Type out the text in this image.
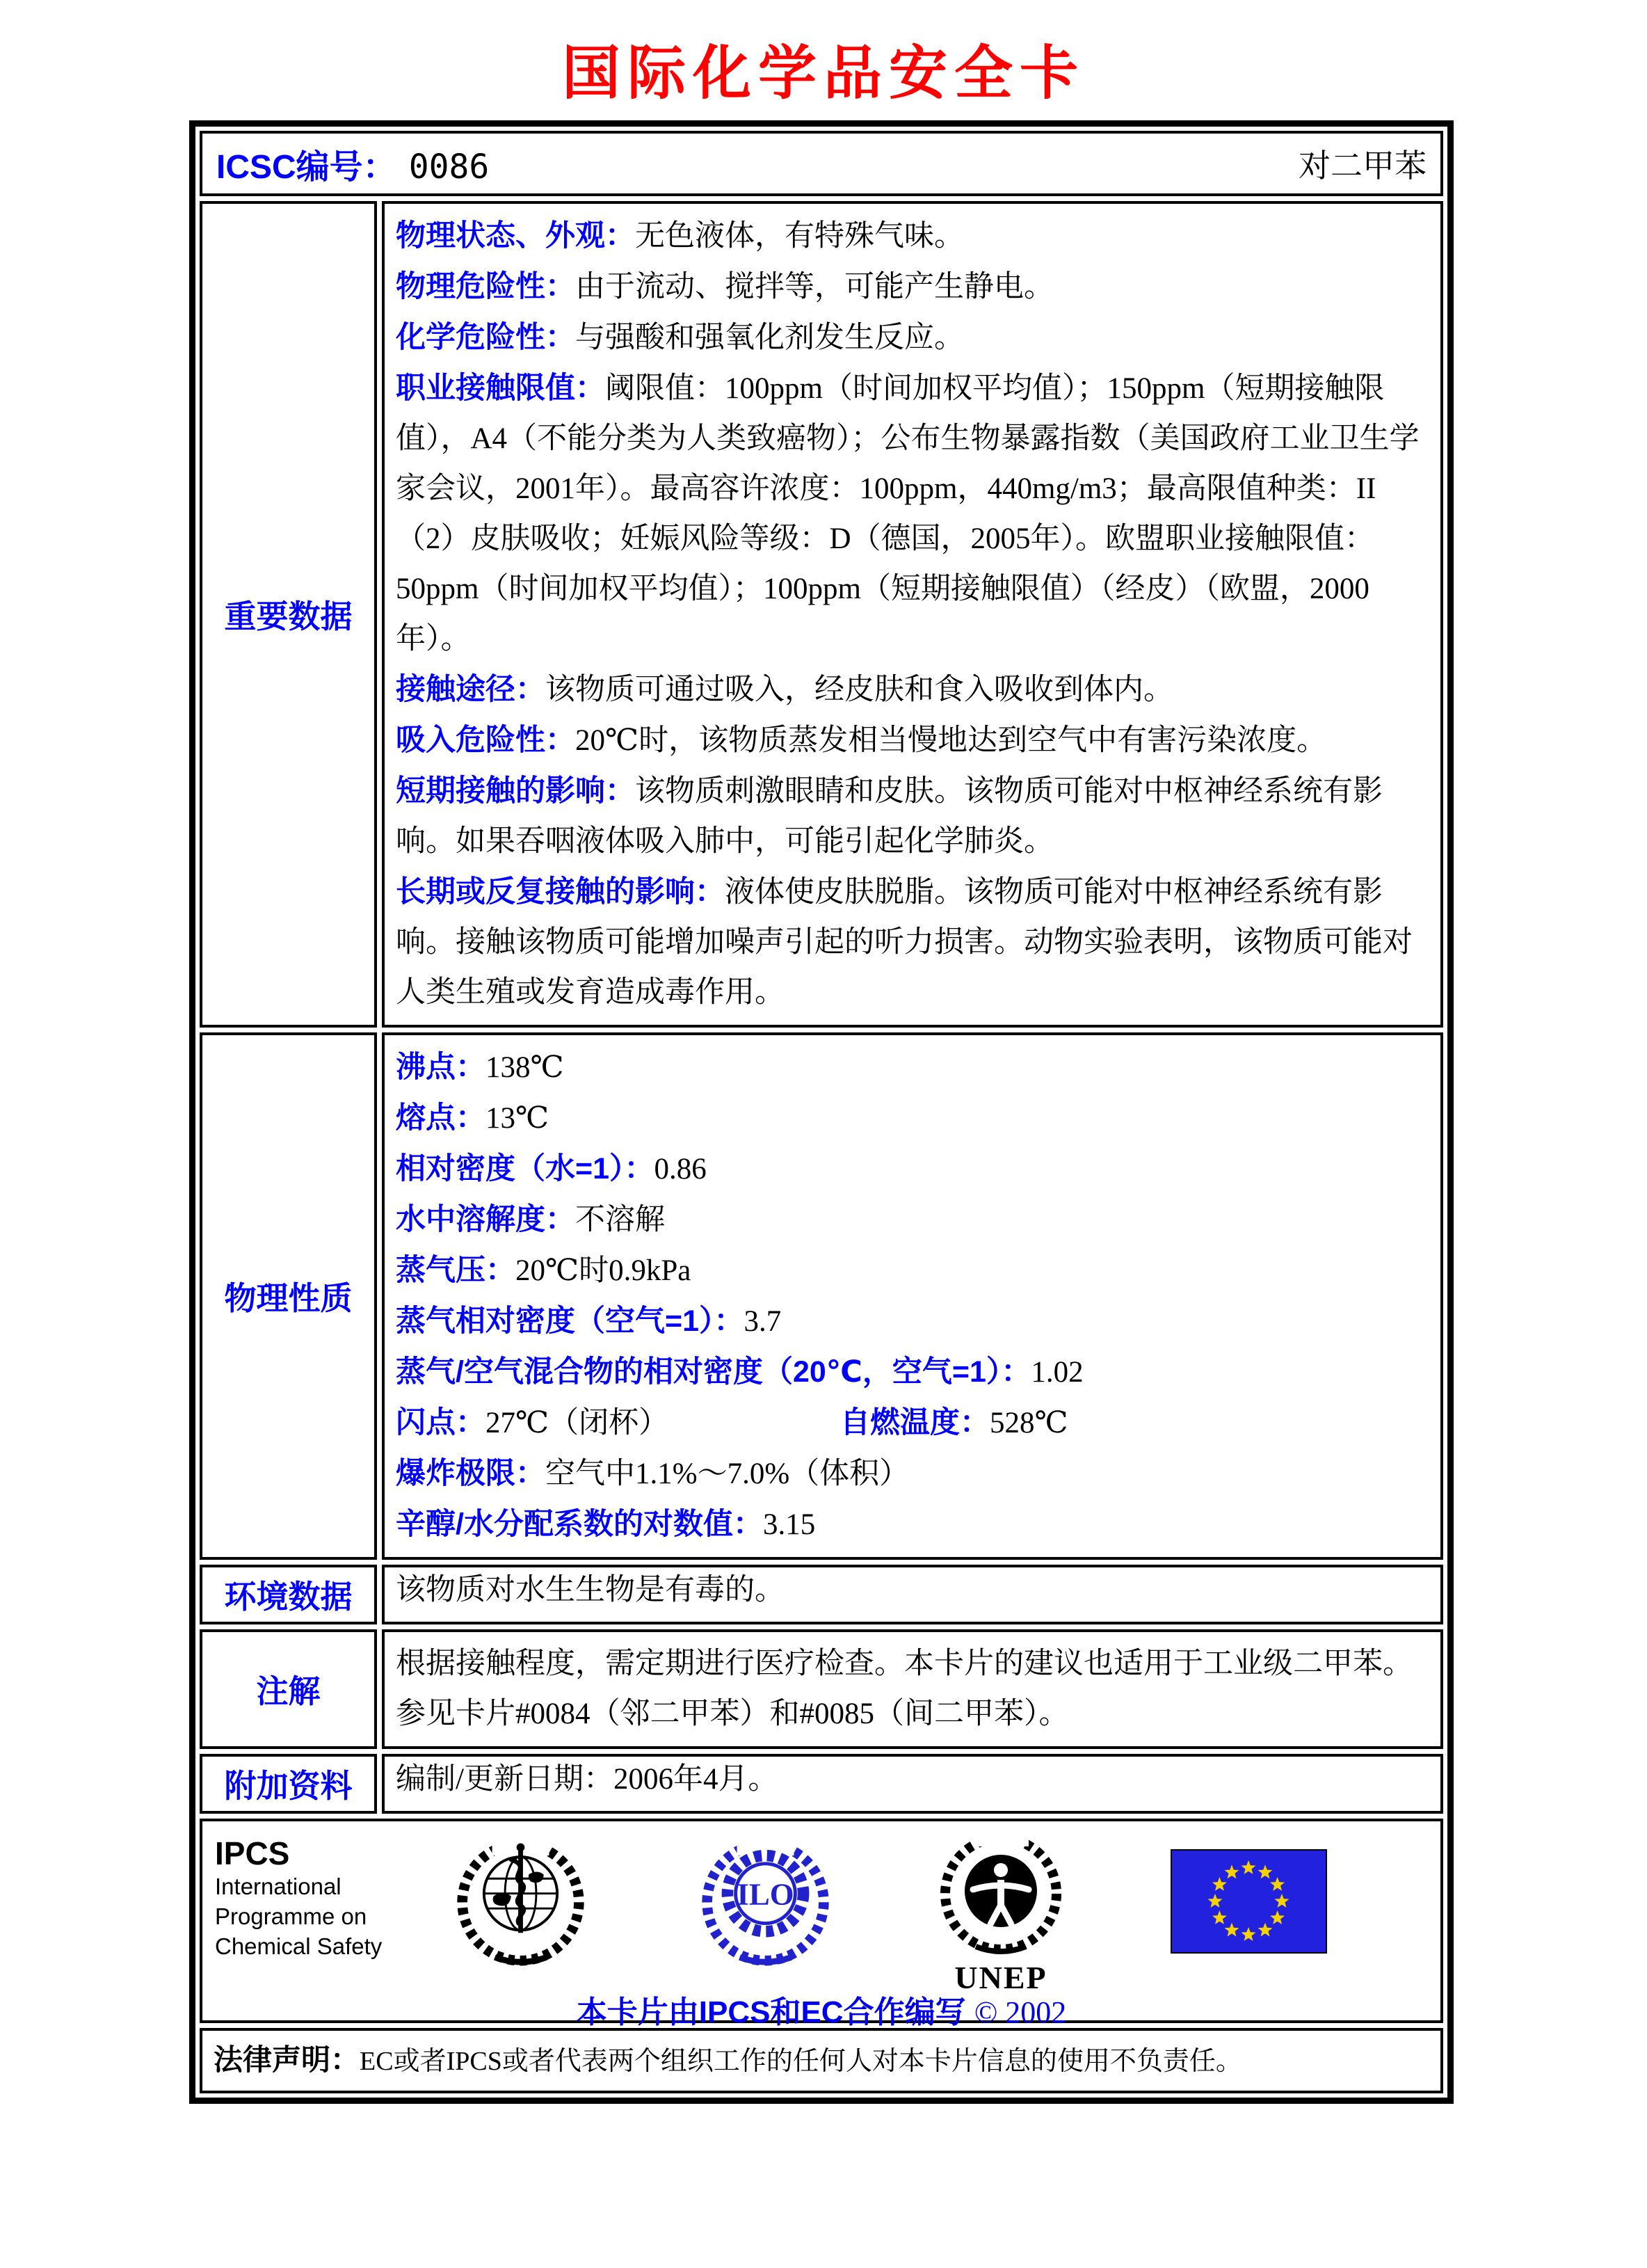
国际化学品安全卡
ICSC编号： 0086	对二甲苯
重要数据

物理状态、外观：无色液体，有特殊气味。

物理危险性：由于流动、搅拌等，可能产生静电。

化学危险性：与强酸和强氧化剂发生反应。

职业接触限值：阈限值：100ppm（时间加权平均值）；150ppm（短期接触限值），A4（不能分类为人类致癌物）；公布生物暴露指数（美国政府工业卫生学家会议，2001年）。最高容许浓度：100ppm，440mg/m3；最高限值种类：II（2）皮肤吸收；妊娠风险等级：D（德国，2005年）。欧盟职业接触限值：50ppm（时间加权平均值）；100ppm（短期接触限值）（经皮）（欧盟，2000年）。

接触途径：该物质可通过吸入，经皮肤和食入吸收到体内。

吸入危险性：20℃时，该物质蒸发相当慢地达到空气中有害污染浓度。

短期接触的影响：该物质刺激眼睛和皮肤。该物质可能对中枢神经系统有影响。如果吞咽液体吸入肺中，可能引起化学肺炎。

长期或反复接触的影响：液体使皮肤脱脂。该物质可能对中枢神经系统有影响。接触该物质可能增加噪声引起的听力损害。动物实验表明，该物质可能对人类生殖或发育造成毒作用。

物理性质

沸点：138℃

熔点：13℃

相对密度（水=1）：0.86

水中溶解度：不溶解

蒸气压：20℃时0.9kPa

蒸气相对密度（空气=1）：3.7

蒸气/空气混合物的相对密度（20℃，空气=1）：1.02

闪点：27℃（闭杯）	自燃温度：528℃

爆炸极限：空气中1.1%～7.0%（体积）

辛醇/水分配系数的对数值：3.15

环境数据	该物质对水生生物是有毒的。
注解
根据接触程度，需定期进行医疗检查。本卡片的建议也适用于工业级二甲苯。参见卡片#0084（邻二甲苯）和#0085（间二甲苯）。
附加资料	编制/更新日期：2006年4月。
IPCS
International
Programme on
Chemical Safety
ILO
UNEP
本卡片由IPCS和EC合作编写 © 2002
法律声明：EC或者IPCS或者代表两个组织工作的任何人对本卡片信息的使用不负责任。
